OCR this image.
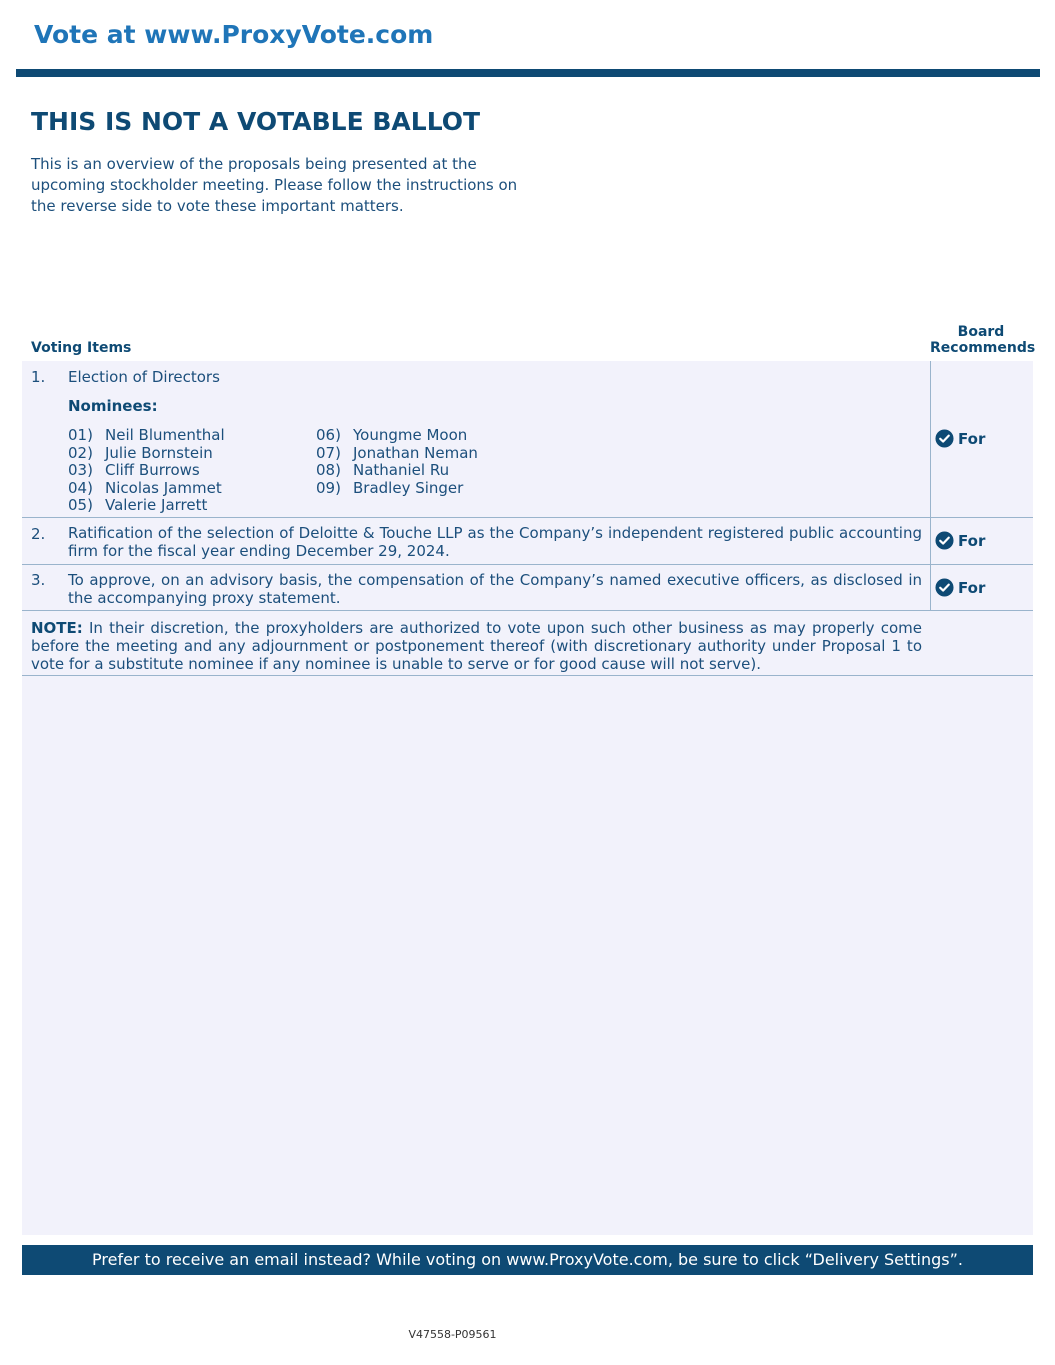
Vote at www.ProxyVote.com
THIS IS NOT A VOTABLE BALLOT
This is an overview of the proposals being presented at the upcoming stockholder meeting. Please follow the instructions on the reverse side to vote these important matters.
Voting Items
Board
Recommends
1. Election of Directors
Nominees:
01) Neil Blumenthal
02) Julie Bornstein
03) Cliff Burrows
04) Nicolas Jammet
05) Valerie Jarrett
06) Youngme Moon
07) Jonathan Neman
08) Nathaniel Ru
09) Bradley Singer
For
2. Ratification of the selection of Deloitte & Touche LLP as the Company’s independent registered public accounting firm for the fiscal year ending December 29, 2024.
For
3. To approve, on an advisory basis, the compensation of the Company’s named executive officers, as disclosed in the accompanying proxy statement.
For
NOTE: In their discretion, the proxyholders are authorized to vote upon such other business as may properly come before the meeting and any adjournment or postponement thereof (with discretionary authority under Proposal 1 to vote for a substitute nominee if any nominee is unable to serve or for good cause will not serve).
Prefer to receive an email instead? While voting on www.ProxyVote.com, be sure to click “Delivery Settings”.
V47558-P09561
